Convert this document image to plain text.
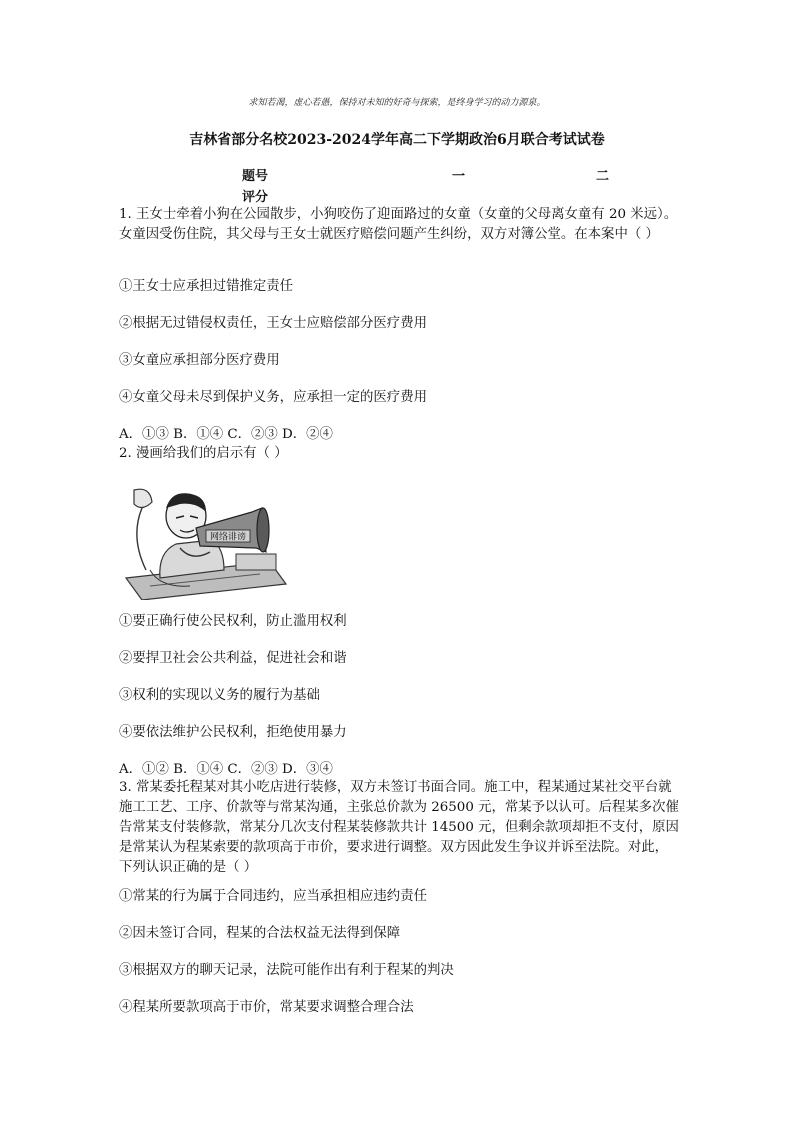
求知若渴，虚心若愚，保持对未知的好奇与探索，是终身学习的动力源泉。
吉林省部分名校2023-2024学年高二下学期政治6月联合考试试卷
题号	一	二
评分
1. 王女士牵着小狗在公园散步，小狗咬伤了迎面路过的女童（女童的父母离女童有 20 米远）。女童因受伤住院，其父母与王女士就医疗赔偿问题产生纠纷，双方对簿公堂。在本案中（ ）
①王女士应承担过错推定责任
②根据无过错侵权责任，王女士应赔偿部分医疗费用
③女童应承担部分医疗费用
④女童父母未尽到保护义务，应承担一定的医疗费用
A．①③ B．①④ C．②③ D．②④
2. 漫画给我们的启示有（ ）
网络诽谤
①要正确行使公民权利，防止滥用权利
②要捍卫社会公共利益，促进社会和谐
③权利的实现以义务的履行为基础
④要依法维护公民权利，拒绝使用暴力
A．①② B．①④ C．②③ D．③④
3. 常某委托程某对其小吃店进行装修，双方未签订书面合同。施工中，程某通过某社交平台就施工工艺、工序、价款等与常某沟通，主张总价款为 26500 元，常某予以认可。后程某多次催告常某支付装修款，常某分几次支付程某装修款共计 14500 元，但剩余款项却拒不支付，原因是常某认为程某索要的款项高于市价，要求进行调整。双方因此发生争议并诉至法院。对此，下列认识正确的是（ ）
①常某的行为属于合同违约，应当承担相应违约责任
②因未签订合同，程某的合法权益无法得到保障
③根据双方的聊天记录，法院可能作出有利于程某的判决
④程某所要款项高于市价，常某要求调整合理合法
